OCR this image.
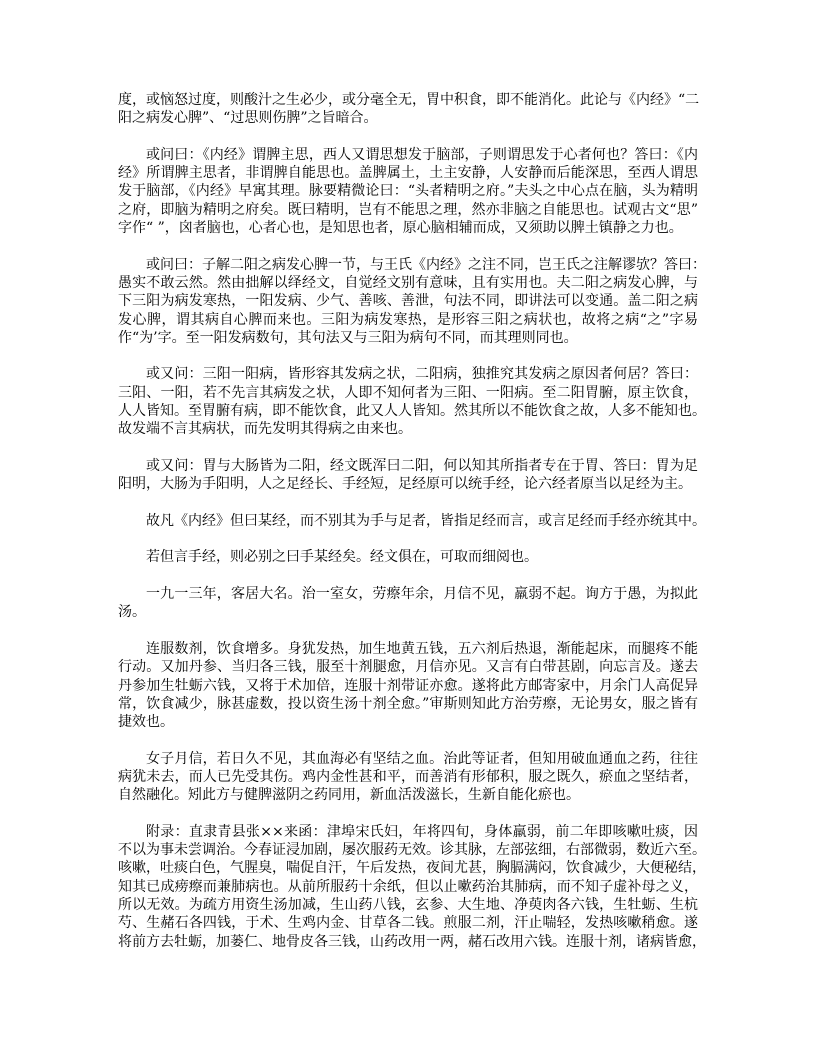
度，或恼怒过度，则酸汁之生必少，或分毫全无，胃中积食，即不能消化。此论与《内经》“二
阳之病发心脾”、“过思则伤脾”之旨暗合。
或问曰：《内经》谓脾主思，西人又谓思想发于脑部，子则谓思发于心者何也？答曰：《内
经》所谓脾主思者，非谓脾自能思也。盖脾属土，土主安静，人安静而后能深思，至西人谓思
发于脑部，《内经》早寓其理。脉要精微论曰：“头者精明之府。”夫头之中心点在脑，头为精明
之府，即脑为精明之府矣。既曰精明，岂有不能思之理，然亦非脑之自能思也。试观古文“思”
字作“ ”，囟者脑也，心者心也，是知思也者，原心脑相辅而成，又须助以脾土镇静之力也。
或问曰：子解二阳之病发心脾一节，与王氏《内经》之注不同，岂王氏之注解谬欤？答曰：
愚实不敢云然。然由拙解以绎经文，自觉经文别有意味，且有实用也。夫二阳之病发心脾，与
下三阳为病发寒热，一阳发病、少气、善咳、善泄，句法不同，即讲法可以变通。盖二阳之病
发心脾，谓其病自心脾而来也。三阳为病发寒热，是形容三阳之病状也，故将之病“之”字易
作“为’字。至一阳发病数句，其句法又与三阳为病句不同，而其理则同也。
或又问：三阳一阳病，皆形容其发病之状，二阳病，独推究其发病之原因者何居？答曰：
三阳、一阳，若不先言其病发之状，人即不知何者为三阳、一阳病。至二阳胃腑，原主饮食，
人人皆知。至胃腑有病，即不能饮食，此又人人皆知。然其所以不能饮食之故，人多不能知也。
故发端不言其病状，而先发明其得病之由来也。
或又问：胃与大肠皆为二阳，经文既浑曰二阳，何以知其所指者专在于胃、答曰：胃为足
阳明，大肠为手阳明，人之足经长、手经短，足经原可以统手经，论六经者原当以足经为主。
故凡《内经》但曰某经，而不别其为手与足者，皆指足经而言，或言足经而手经亦统其中。
若但言手经，则必别之曰手某经矣。经文俱在，可取而细阅也。
一九一三年，客居大名。治一室女，劳瘵年余，月信不见，羸弱不起。询方于愚，为拟此
汤。
连服数剂，饮食增多。身犹发热，加生地黄五钱，五六剂后热退，渐能起床，而腿疼不能
行动。又加丹参、当归各三钱，服至十剂腿愈，月信亦见。又言有白带甚剧，向忘言及。遂去
丹参加生牡蛎六钱，又将于术加倍，连服十剂带证亦愈。遂将此方邮寄家中，月余门人高促异
常，饮食减少，脉甚虚数，投以资生汤十剂全愈。”审斯则知此方治劳瘵，无论男女，服之皆有
捷效也。
女子月信，若日久不见，其血海必有坚结之血。治此等证者，但知用破血通血之药，往往
病犹未去，而人已先受其伤。鸡内金性甚和平，而善消有形郁积，服之既久，瘀血之坚结者，
自然融化。矧此方与健脾滋阴之药同用，新血活泼滋长，生新自能化瘀也。
附录：直隶青县张××来函：津埠宋氏妇，年将四旬，身体羸弱，前二年即咳嗽吐痰，因
不以为事未尝调治。今春证浸加剧，屡次服药无效。诊其脉，左部弦细，右部微弱，数近六至。
咳嗽，吐痰白色，气腥臭，喘促自汗，午后发热，夜间尤甚，胸膈满闷，饮食减少，大便秘结，
知其已成痨瘵而兼肺病也。从前所服药十余纸，但以止嗽药治其肺病，而不知子虚补母之义，
所以无效。为疏方用资生汤加减，生山药八钱，玄参、大生地、净萸肉各六钱，生牡蛎、生杭
芍、生赭石各四钱，于术、生鸡内金、甘草各二钱。煎服二剂，汗止喘轻，发热咳嗽稍愈。遂
将前方去牡蛎，加蒌仁、地骨皮各三钱，山药改用一两，赭石改用六钱。连服十剂，诸病皆愈，
